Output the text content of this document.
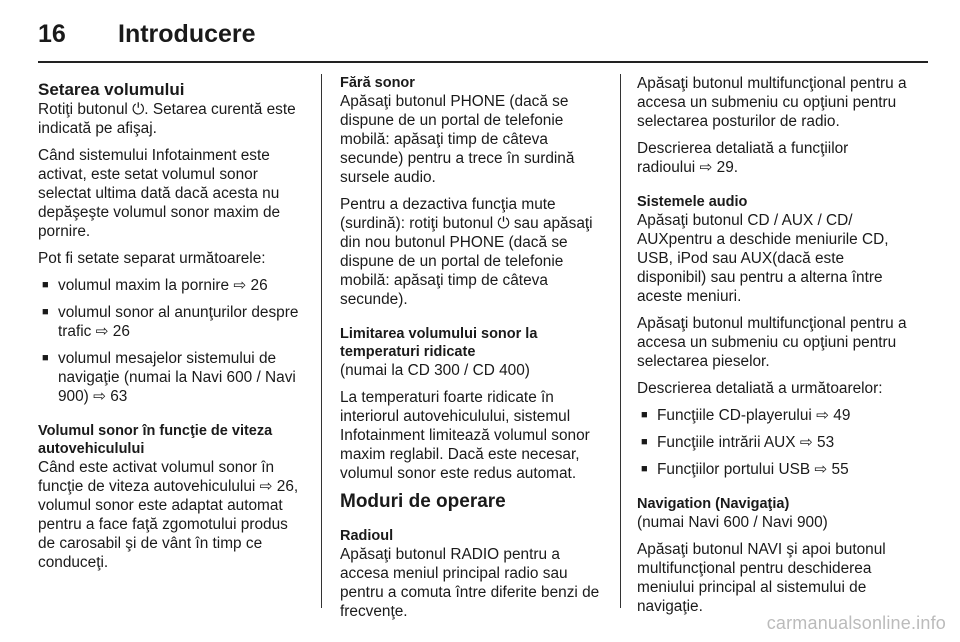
16 Introducere
Setarea volumului

Rotiţi butonul ⏻. Setarea curentă este indicată pe afişaj.

Când sistemului Infotainment este activat, este setat volumul sonor selectat ultima dată dacă acesta nu depăşeşte volumul sonor maxim de pornire.

Pot fi setate separat următoarele:

■ volumul maxim la pornire ⇨ 26
■ volumul sonor al anunţurilor despre trafic ⇨ 26
■ volumul mesajelor sistemului de navigaţie (numai la Navi 600 / Navi 900) ⇨ 63
Volumul sonor în funcţie de viteza autovehiculului

Când este activat volumul sonor în funcţie de viteza autovehiculului ⇨ 26, volumul sonor este adaptat automat pentru a face faţă zgomotului produs de carosabil şi de vânt în timp ce conduceţi.

Fără sonor

Apăsaţi butonul PHONE (dacă se dispune de un portal de telefonie mobilă: apăsaţi timp de câteva secunde) pentru a trece în surdină sursele audio.

Pentru a dezactiva funcţia mute (surdină): rotiţi butonul ⏻ sau apăsaţi din nou butonul PHONE (dacă se dispune de un portal de telefonie mobilă: apăsaţi timp de câteva secunde).

Limitarea volumului sonor la temperaturi ridicate

(numai la CD 300 / CD 400)

La temperaturi foarte ridicate în interiorul autovehiculului, sistemul Infotainment limitează volumul sonor maxim reglabil. Dacă este necesar, volumul sonor este redus automat.

Moduri de operare
Radioul

Apăsaţi butonul RADIO pentru a accesa meniul principal radio sau pentru a comuta între diferite benzi de frecvenţe.

Apăsaţi butonul multifuncţional pentru a accesa un submeniu cu opţiuni pentru selectarea posturilor de radio.

Descrierea detaliată a funcţiilor radioului ⇨ 29.

Sistemele audio

Apăsaţi butonul CD / AUX / CD/ AUXpentru a deschide meniurile CD, USB, iPod sau AUX(dacă este disponibil) sau pentru a alterna între aceste meniuri.

Apăsaţi butonul multifuncţional pentru a accesa un submeniu cu opţiuni pentru selectarea pieselor.

Descrierea detaliată a următoarelor:

■ Funcţiile CD-playerului ⇨ 49
■ Funcţiile intrării AUX ⇨ 53
■ Funcţiilor portului USB ⇨ 55
Navigation (Navigaţia)

(numai Navi 600 / Navi 900)

Apăsaţi butonul NAVI şi apoi butonul multifuncţional pentru deschiderea meniului principal al sistemului de navigaţie.

carmanualsonline.info
